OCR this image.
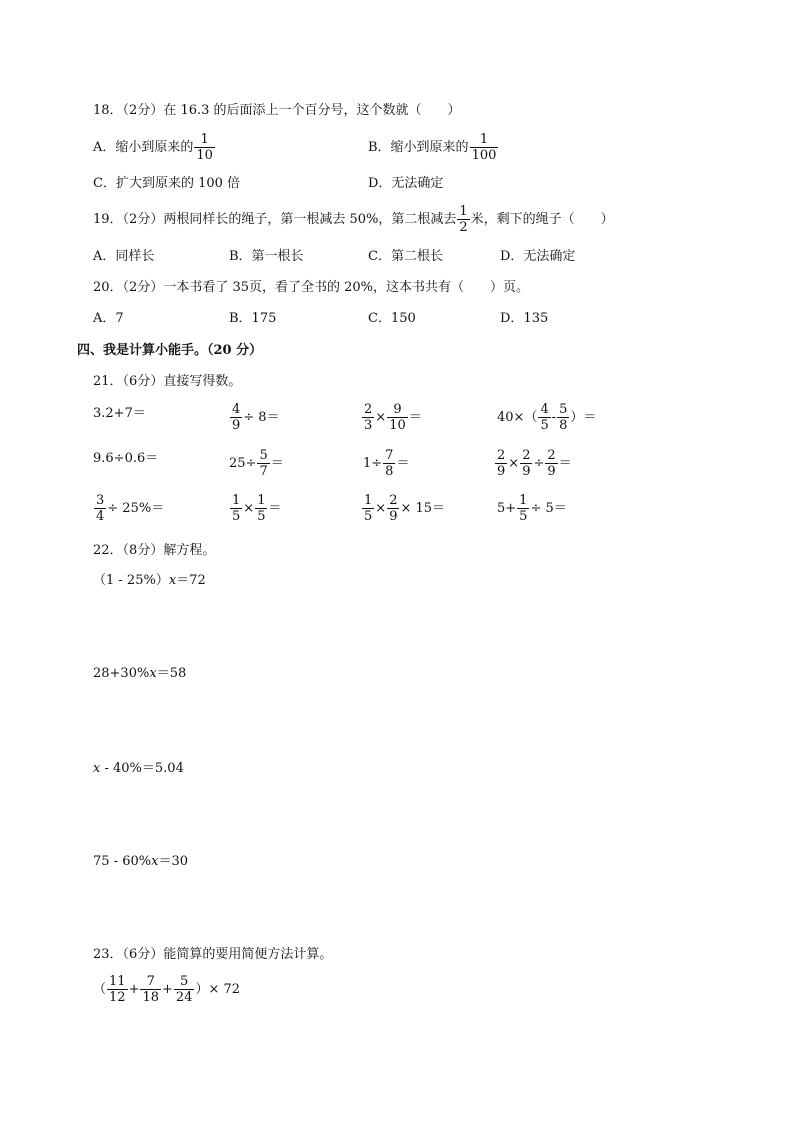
18．（2分）在 16.3 的后面添上一个百分号，这个数就（　　）
A．缩小到原来的 $\frac{1}{10}$	B．缩小到原来的 $\frac{1}{100}$
C．扩大到原来的 100 倍	D．无法确定
19．（2分）两根同样长的绳子，第一根减去 50%，第二根减去 $\frac{1}{2}$ 米，剩下的绳子（　　）
A．同样长	B．第一根长	C．第二根长	D．无法确定
20．（2分）一本书看了 35页，看了全书的 20%，这本书共有（　　）页。
A．7	B．175	C．150	D．135
四、我是计算小能手。（20 分）
21．（6分）直接写得数。
3.2+7＝	$\frac{4}{9} \div 8=$	$\frac{2}{3} \times \frac{9}{10}$ ＝	$40\times( \frac{4}{5} - \frac{5}{8}$ ）＝
9.6÷0.6＝	$25\div \frac{5}{7}$ ＝	$1\div \frac{7}{8}$ ＝	$\frac{2}{9} \times \frac{2}{9} \div \frac{2}{9}$ ＝
$\frac{3}{4} \div 25\%=$	$\frac{1}{5} \times \frac{1}{5}$ ＝	$\frac{1}{5} \times \frac{2}{9} \times 15=$	$5+ \frac{1}{5} \div 5=$
22．（8分）解方程。
（1 - 25%）x＝72
28+30%x＝58
x - 40%＝5.04
75 - 60%x＝30
23．（6分）能简算的要用简便方法计算。
（ $\frac{11}{12} + \frac{7}{18} + \frac{5}{24}$ ）× 72
